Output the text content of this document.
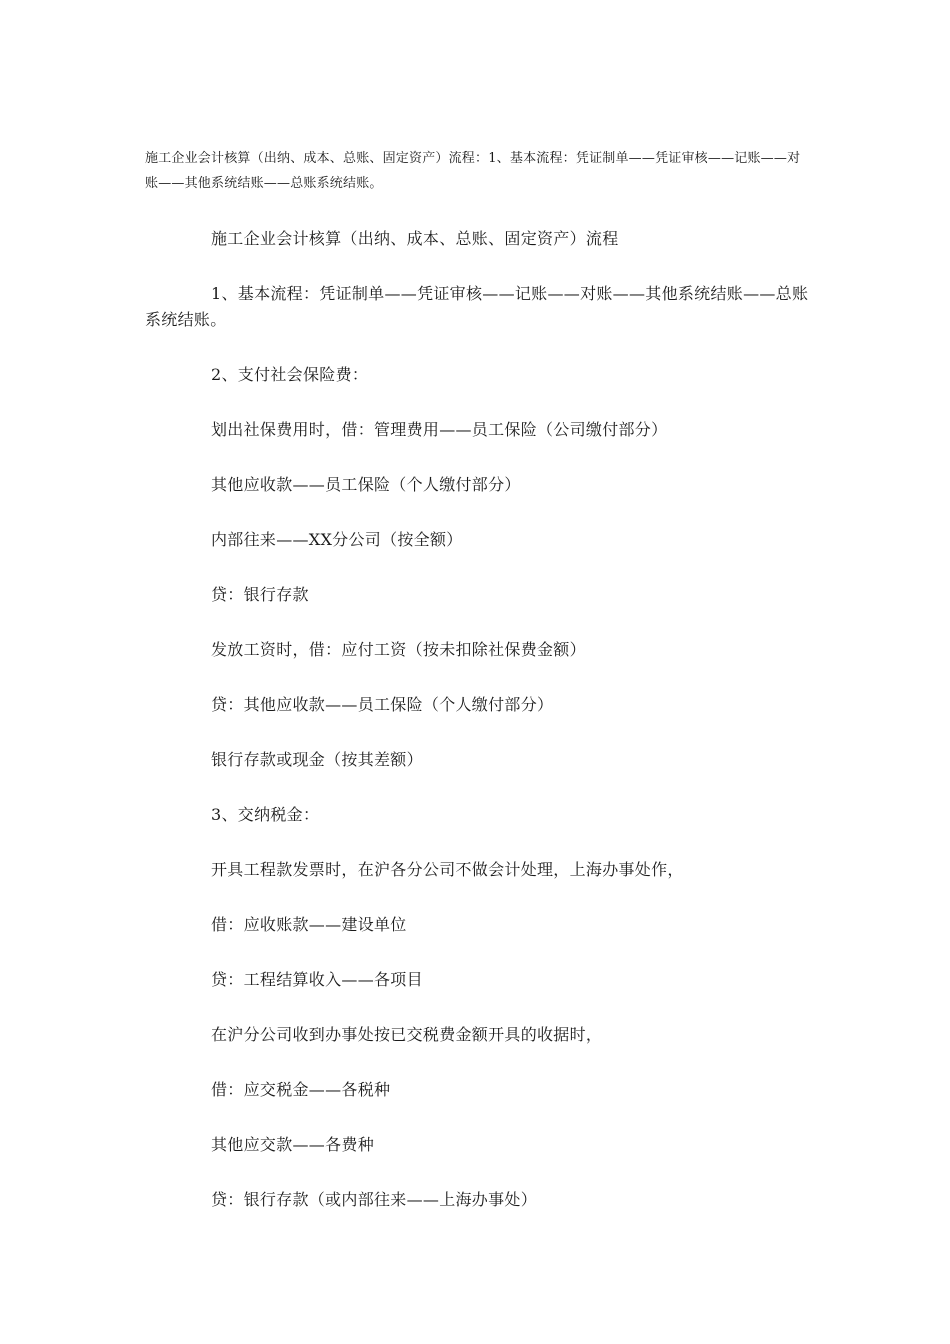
施工企业会计核算（出纳、成本、总账、固定资产）流程：1、基本流程：凭证制单——凭证审核——记账——对账——其他系统结账——总账系统结账。

施工企业会计核算（出纳、成本、总账、固定资产）流程

1、基本流程：凭证制单——凭证审核——记账——对账——其他系统结账——总账系统结账。

2、支付社会保险费：

划出社保费用时，借：管理费用——员工保险（公司缴付部分）

其他应收款——员工保险（个人缴付部分）

内部往来——XX分公司（按全额）

贷：银行存款

发放工资时，借：应付工资（按未扣除社保费金额）

贷：其他应收款——员工保险（个人缴付部分）

银行存款或现金（按其差额）

3、交纳税金：

开具工程款发票时，在沪各分公司不做会计处理，上海办事处作，

借：应收账款——建设单位

贷：工程结算收入——各项目

在沪分公司收到办事处按已交税费金额开具的收据时，

借：应交税金——各税种

其他应交款——各费种

贷：银行存款（或内部往来——上海办事处）
